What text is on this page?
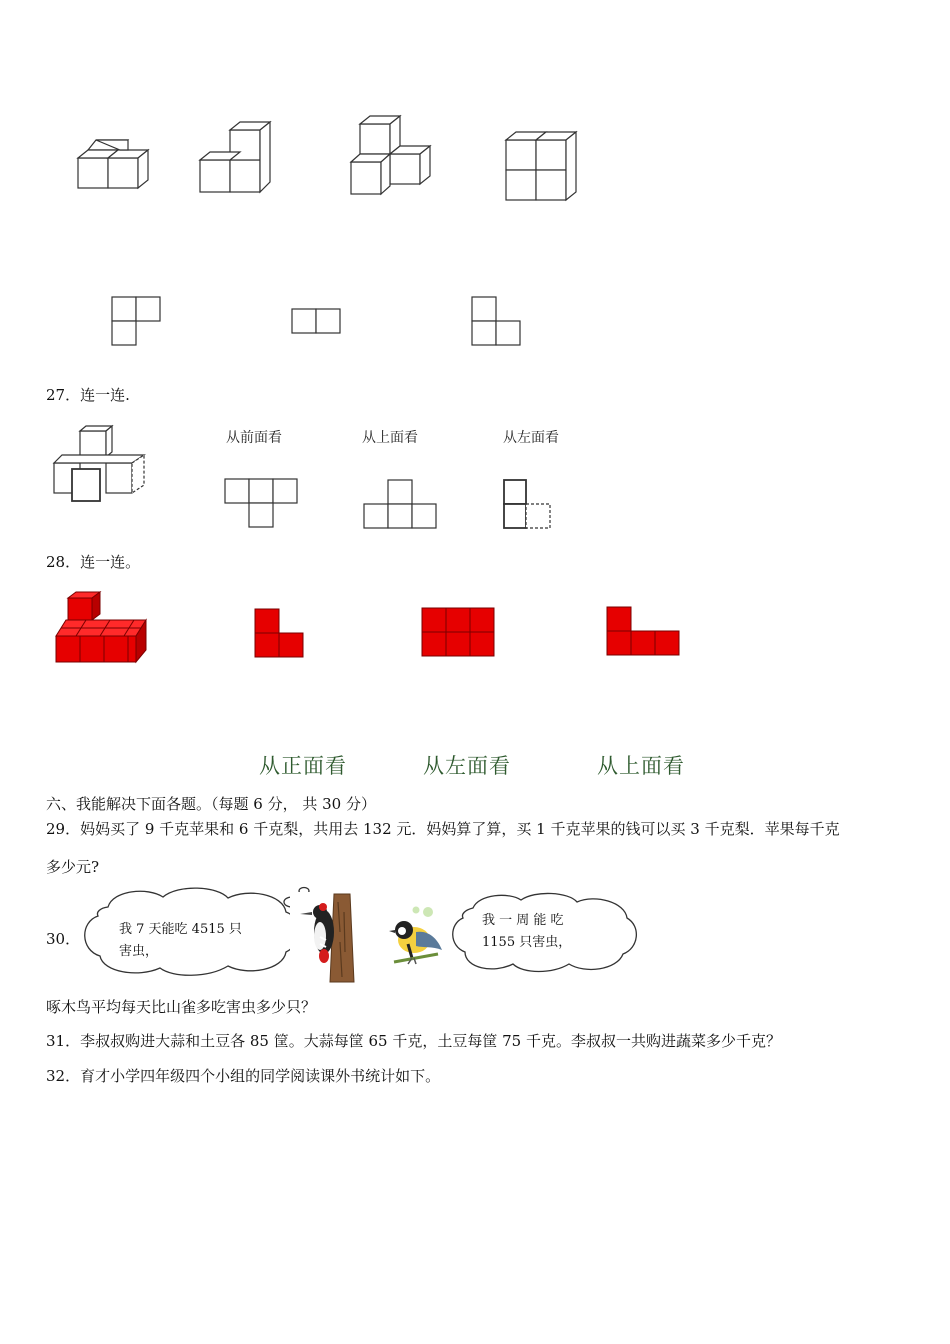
27．连一连.
从前面看	从上面看	从左面看
28．连一连。
从正面看	从左面看	从上面看
六、我能解决下面各题。（每题 6 分， 共 30 分）
29．妈妈买了 9 千克苹果和 6 千克梨，共用去 132 元．妈妈算了算，买 1 千克苹果的钱可以买 3 千克梨．苹果每千克
多少元?
30．
我 7 天能吃 4515 只
害虫，
我 一 周 能 吃
1155 只害虫，
啄木鸟平均每天比山雀多吃害虫多少只？
31．李叔叔购进大蒜和土豆各 85 筐。大蒜每筐 65 千克，土豆每筐 75 千克。李叔叔一共购进蔬菜多少千克？
32．育才小学四年级四个小组的同学阅读课外书统计如下。
